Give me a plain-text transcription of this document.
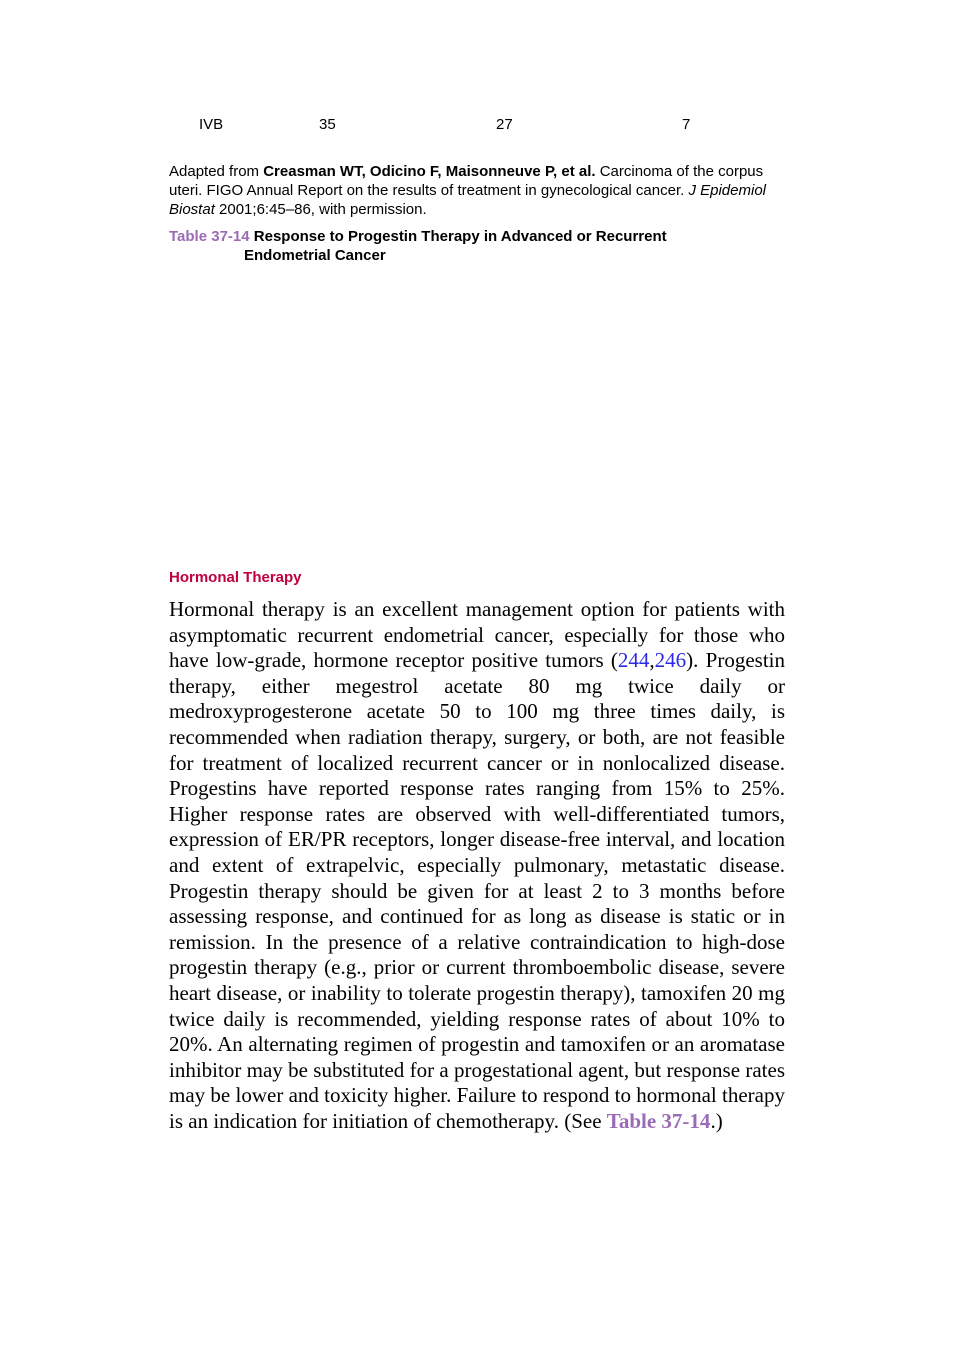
IVB	35	27	7
Adapted from Creasman WT, Odicino F, Maisonneuve P, et al. Carcinoma of the corpus uteri. FIGO Annual Report on the results of treatment in gynecological cancer. J Epidemiol Biostat 2001;6:45–86, with permission.
Table 37-14 Response to Progestin Therapy in Advanced or Recurrent
Endometrial Cancer
Hormonal Therapy
Hormonal therapy is an excellent management option for patients with asymptomatic recurrent endometrial cancer, especially for those who have low-grade, hormone receptor positive tumors (244,246). Progestin therapy, either megestrol acetate 80 mg twice daily or medroxyprogesterone acetate 50 to 100 mg three times daily, is recommended when radiation therapy, surgery, or both, are not feasible for treatment of localized recurrent cancer or in nonlocalized disease. Progestins have reported response rates ranging from 15% to 25%. Higher response rates are observed with well-differentiated tumors, expression of ER/PR receptors, longer disease-free interval, and location and extent of extrapelvic, especially pulmonary, metastatic disease. Progestin therapy should be given for at least 2 to 3 months before assessing response, and continued for as long as disease is static or in remission. In the presence of a relative contraindication to high-dose progestin therapy (e.g., prior or current thromboembolic disease, severe heart disease, or inability to tolerate progestin therapy), tamoxifen 20 mg twice daily is recommended, yielding response rates of about 10% to 20%. An alternating regimen of progestin and tamoxifen or an aromatase inhibitor may be substituted for a progestational agent, but response rates may be lower and toxicity higher. Failure to respond to hormonal therapy is an indication for initiation of chemotherapy. (See Table 37-14.)
